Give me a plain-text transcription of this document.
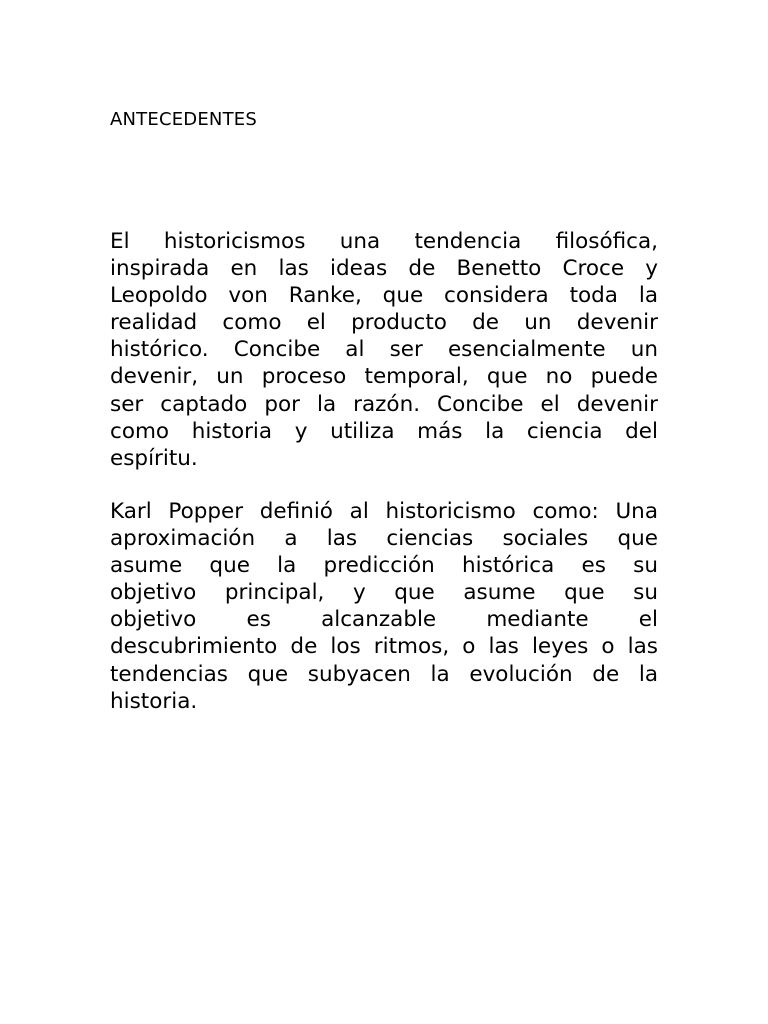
ANTECEDENTES
El historicismos una tendencia filosófica,
inspirada en las ideas de Benetto Croce y
Leopoldo von Ranke, que considera toda la
realidad como el producto de un devenir
histórico. Concibe al ser esencialmente un
devenir, un proceso temporal, que no puede
ser captado por la razón. Concibe el devenir
como historia y utiliza más la ciencia del
espíritu.
Karl Popper definió al historicismo como: Una
aproximación a las ciencias sociales que
asume que la predicción histórica es su
objetivo principal, y que asume que su
objetivo es alcanzable mediante el
descubrimiento de los ritmos, o las leyes o las
tendencias que subyacen la evolución de la
historia.
